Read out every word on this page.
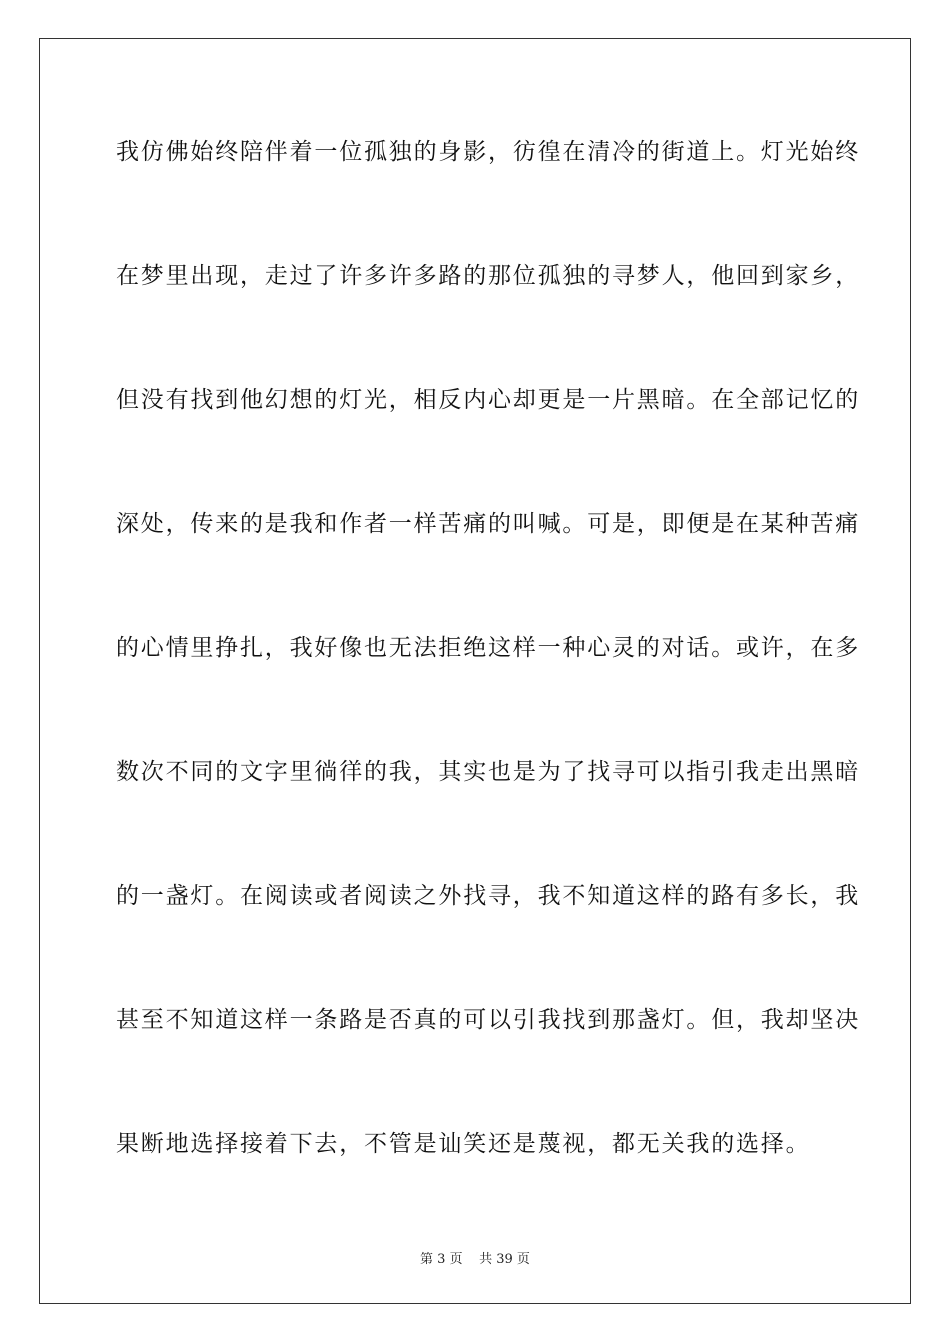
我仿佛始终陪伴着一位孤独的身影，彷徨在清冷的街道上。灯光始终
在梦里出现，走过了许多许多路的那位孤独的寻梦人，他回到家乡，
但没有找到他幻想的灯光，相反内心却更是一片黑暗。在全部记忆的
深处，传来的是我和作者一样苦痛的叫喊。可是，即便是在某种苦痛
的心情里挣扎，我好像也无法拒绝这样一种心灵的对话。或许，在多
数次不同的文字里徜徉的我，其实也是为了找寻可以指引我走出黑暗
的一盏灯。在阅读或者阅读之外找寻，我不知道这样的路有多长，我
甚至不知道这样一条路是否真的可以引我找到那盏灯。但，我却坚决
果断地选择接着下去，不管是讪笑还是蔑视，都无关我的选择。
第 3 页 共 39 页
